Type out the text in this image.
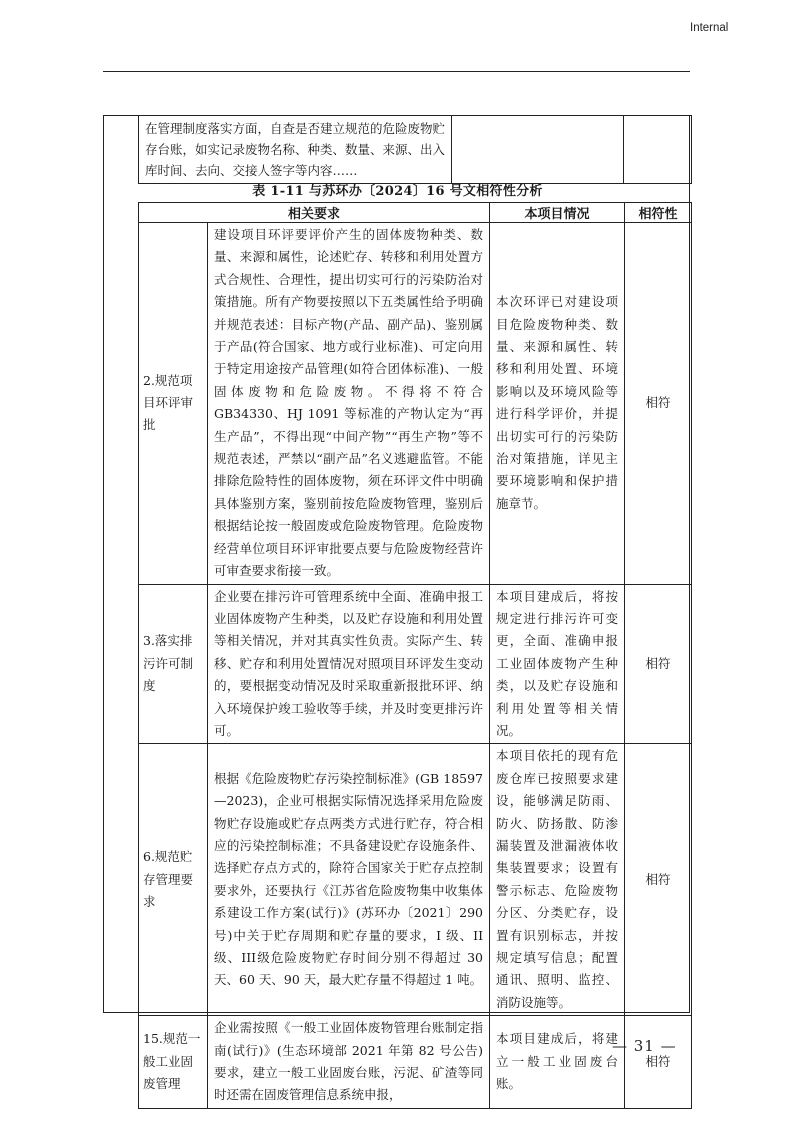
Internal
在管理制度落实方面，自查是否建立规范的危险废物贮存台账，如实记录废物名称、种类、数量、来源、出入库时间、去向、交接人签字等内容……		
表 1-11 与苏环办〔2024〕16 号文相符性分析
相关要求		本项目情况	相符性
2.规范项目环评审批	建设项目环评要评价产生的固体废物种类、数量、来源和属性，论述贮存、转移和利用处置方式合规性、合理性，提出切实可行的污染防治对策措施。所有产物要按照以下五类属性给予明确并规范表述：目标产物(产品、副产品)、鉴别属于产品(符合国家、地方或行业标准)、可定向用于特定用途按产品管理(如符合团体标准)、一般固体废物和危险废物。不得将不符合 GB34330、HJ 1091 等标准的产物认定为“再生产品”，不得出现“中间产物”“再生产物”等不规范表述，严禁以“副产品”名义逃避监管。不能排除危险特性的固体废物，须在环评文件中明确具体鉴别方案，鉴别前按危险废物管理，鉴别后根据结论按一般固废或危险废物管理。危险废物经营单位项目环评审批要点要与危险废物经营许可审查要求衔接一致。	本次环评已对建设项目危险废物种类、数量、来源和属性、转移和利用处置、环境影响以及环境风险等进行科学评价，并提出切实可行的污染防治对策措施，详见主要环境影响和保护措施章节。	相符
3.落实排污许可制度	企业要在排污许可管理系统中全面、准确申报工业固体废物产生种类，以及贮存设施和利用处置等相关情况，并对其真实性负责。实际产生、转移、贮存和利用处置情况对照项目环评发生变动的，要根据变动情况及时采取重新报批环评、纳入环境保护竣工验收等手续，并及时变更排污许可。	本项目建成后，将按规定进行排污许可变更，全面、准确申报工业固体废物产生种类，以及贮存设施和利用处置等相关情况。	相符
6.规范贮存管理要求	根据《危险废物贮存污染控制标准》(GB 18597—2023)，企业可根据实际情况选择采用危险废物贮存设施或贮存点两类方式进行贮存，符合相应的污染控制标准；不具备建设贮存设施条件、选择贮存点方式的，除符合国家关于贮存点控制要求外，还要执行《江苏省危险废物集中收集体系建设工作方案(试行)》(苏环办〔2021〕290 号)中关于贮存周期和贮存量的要求，I 级、II级、III级危险废物贮存时间分别不得超过 30 天、60 天、90 天，最大贮存量不得超过 1 吨。	本项目依托的现有危废仓库已按照要求建设，能够满足防雨、防火、防扬散、防渗漏装置及泄漏液体收集装置要求；设置有警示标志、危险废物分区、分类贮存，设置有识别标志，并按规定填写信息；配置通讯、照明、监控、消防设施等。	相符
15.规范一般工业固废管理	企业需按照《一般工业固体废物管理台账制定指南(试行)》(生态环境部 2021 年第 82 号公告)要求，建立一般工业固废台账，污泥、矿渣等同时还需在固废管理信息系统申报，	本项目建成后，将建立一般工业固废台账。	相符
— 31 —
